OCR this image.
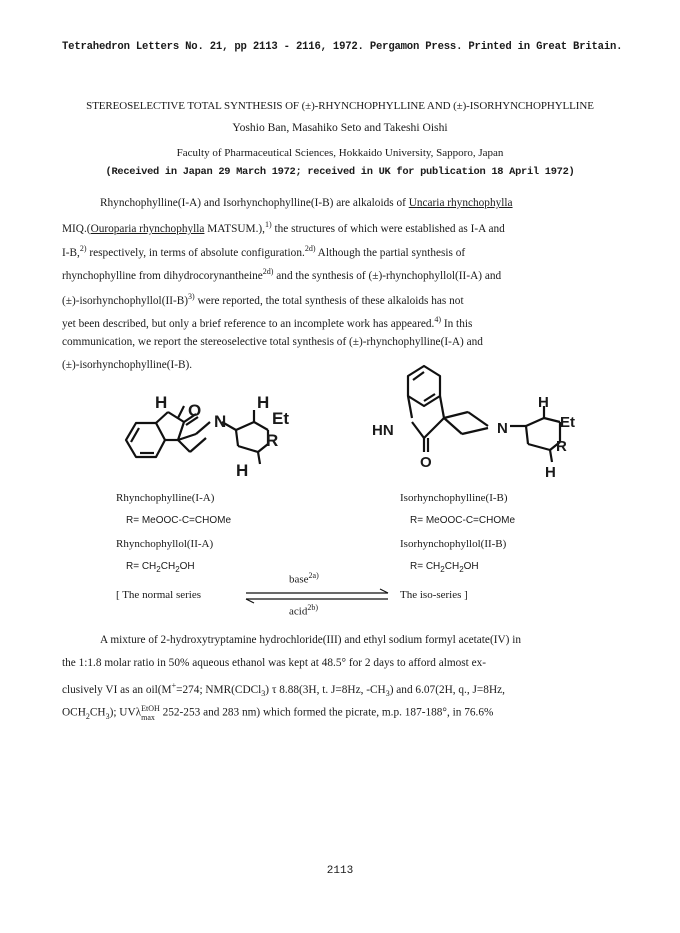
Tetrahedron Letters No. 21, pp 2113 - 2116, 1972. Pergamon Press. Printed in Great Britain.
STEREOSELECTIVE TOTAL SYNTHESIS OF (±)-RHYNCHOPHYLLINE AND (±)-ISORHYNCHOPHYLLINE
Yoshio Ban, Masahiko Seto and Takeshi Oishi
Faculty of Pharmaceutical Sciences, Hokkaido University, Sapporo, Japan
(Received in Japan 29 March 1972; received in UK for publication 18 April 1972)
Rhynchophylline(I-A) and Isorhynchophylline(I-B) are alkaloids of Uncaria rhynchophylla
MIQ.(Ouroparia rhynchophylla MATSUM.),$^{1)}$ the structures of which were established as I-A and
I-B,$^{2)}$ respectively, in terms of absolute configuration.$^{2d)}$ Although the partial synthesis of
rhynchophylline from dihydrocorynantheine$^{2d)}$ and the synthesis of (±)-rhynchophyllol(II-A) and
$(\pm)-isorhynchophyllol(II-B)^{3)}$ were reported, the total synthesis of these alkaloids has not
yet been described, but only a brief reference to an incomplete work has appeared.$^{4)}$ In this
communication, we report the stereoselective total synthesis of (±)-rhynchophylline(I-A) and
(±)-isorhynchophylline(I-B).
H O
N
H
Et
R
H
HN
O
N
H
Et
R
H
Rhynchophylline(I-A)
R= MeOOC-C=CHOMe
Rhynchophyllol(II-A)
$R= CH_2CH_2OH$
[ The normal series
Isorhynchophylline(I-B)
R= MeOOC-C=CHOMe
Isorhynchophyllol(II-B)
$R= CH_2CH_2OH$
The iso-series ]
base$^{2a)}$
acid$^{2b)}$
A mixture of 2-hydroxytryptamine hydrochloride(III) and ethyl sodium formyl acetate(IV) in
the 1:1.8 molar ratio in 50% aqueous ethanol was kept at 48.5° for 2 days to afford almost ex-
clusively VI as an oil(M+=274; NMR(CDCl$_3$) τ 8.88(3H, t. J=8Hz, $-CH_3$) and 6.07(2H, q., J=8Hz,
$OCH_2CH_3$); UVλ EtOH
max 252-253 and 283 nm) which formed the picrate, m.p. 187-188°, in 76.6%
2113
